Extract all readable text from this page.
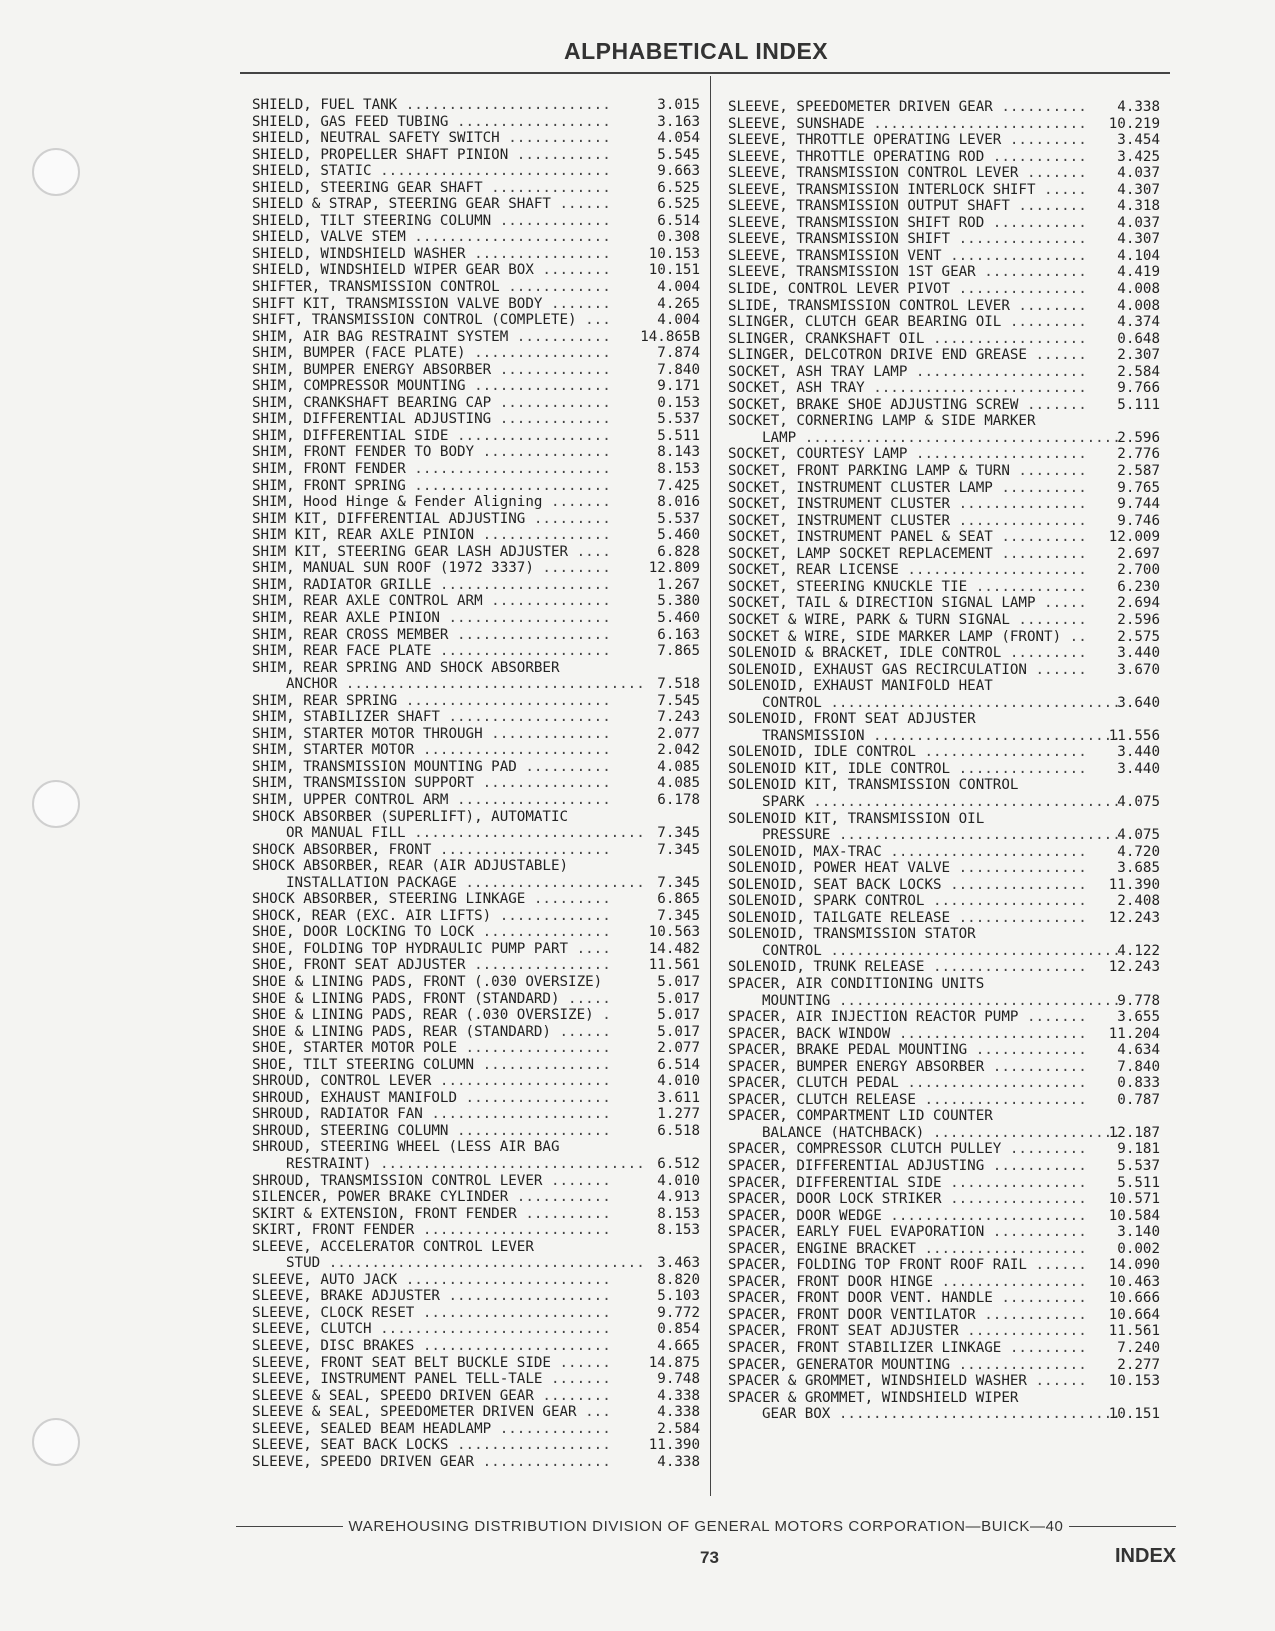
ALPHABETICAL INDEX
SHIELD, FUEL TANK .....	3.015
SHIELD, GAS FEED TUBING .....	3.163
SHIELD, NEUTRAL SAFETY SWITCH .....	4.054
SHIELD, PROPELLER SHAFT PINION .....	5.545
SHIELD, STATIC .....	9.663
SHIELD, STEERING GEAR SHAFT .....	6.525
SHIELD & STRAP, STEERING GEAR SHAFT .....	6.525
SHIELD, TILT STEERING COLUMN .....	6.514
SHIELD, VALVE STEM .....	0.308
SHIELD, WINDSHIELD WASHER .....	10.153
SHIELD, WINDSHIELD WIPER GEAR BOX .....	10.151
SHIFTER, TRANSMISSION CONTROL .....	4.004
SHIFT KIT, TRANSMISSION VALVE BODY .....	4.265
SHIFT, TRANSMISSION CONTROL (COMPLETE) .....	4.004
SHIM, AIR BAG RESTRAINT SYSTEM .....	14.865B
SHIM, BUMPER (FACE PLATE) .....	7.874
SHIM, BUMPER ENERGY ABSORBER .....	7.840
SHIM, COMPRESSOR MOUNTING .....	9.171
SHIM, CRANKSHAFT BEARING CAP .....	0.153
SHIM, DIFFERENTIAL ADJUSTING .....	5.537
SHIM, DIFFERENTIAL SIDE .....	5.511
SHIM, FRONT FENDER TO BODY .....	8.143
SHIM, FRONT FENDER .....	8.153
SHIM, FRONT SPRING .....	7.425
SHIM, Hood Hinge & Fender Aligning .....	8.016
SHIM KIT, DIFFERENTIAL ADJUSTING .....	5.537
SHIM KIT, REAR AXLE PINION .....	5.460
SHIM KIT, STEERING GEAR LASH ADJUSTER .....	6.828
SHIM, MANUAL SUN ROOF (1972 3337) .....	12.809
SHIM, RADIATOR GRILLE .....	1.267
SHIM, REAR AXLE CONTROL ARM .....	5.380
SHIM, REAR AXLE PINION .....	5.460
SHIM, REAR CROSS MEMBER .....	6.163
SHIM, REAR FACE PLATE .....	7.865
SHIM, REAR SPRING AND SHOCK ABSORBER
ANCHOR .....	7.518
SHIM, REAR SPRING .....	7.545
SHIM, STABILIZER SHAFT .....	7.243
SHIM, STARTER MOTOR THROUGH .....	2.077
SHIM, STARTER MOTOR .....	2.042
SHIM, TRANSMISSION MOUNTING PAD .....	4.085
SHIM, TRANSMISSION SUPPORT .....	4.085
SHIM, UPPER CONTROL ARM .....	6.178
SHOCK ABSORBER (SUPERLIFT), AUTOMATIC
OR MANUAL FILL .....	7.345
SHOCK ABSORBER, FRONT .....	7.345
SHOCK ABSORBER, REAR (AIR ADJUSTABLE)
INSTALLATION PACKAGE .....	7.345
SHOCK ABSORBER, STEERING LINKAGE .....	6.865
SHOCK, REAR (EXC. AIR LIFTS) .....	7.345
SHOE, DOOR LOCKING TO LOCK .....	10.563
SHOE, FOLDING TOP HYDRAULIC PUMP PART .....	14.482
SHOE, FRONT SEAT ADJUSTER .....	11.561
SHOE & LINING PADS, FRONT (.030 OVERSIZE) .....	5.017
SHOE & LINING PADS, FRONT (STANDARD) .....	5.017
SHOE & LINING PADS, REAR (.030 OVERSIZE) .....	5.017
SHOE & LINING PADS, REAR (STANDARD) .....	5.017
SHOE, STARTER MOTOR POLE .....	2.077
SHOE, TILT STEERING COLUMN .....	6.514
SHROUD, CONTROL LEVER .....	4.010
SHROUD, EXHAUST MANIFOLD .....	3.611
SHROUD, RADIATOR FAN .....	1.277
SHROUD, STEERING COLUMN .....	6.518
SHROUD, STEERING WHEEL (LESS AIR BAG
RESTRAINT) .....	6.512
SHROUD, TRANSMISSION CONTROL LEVER .....	4.010
SILENCER, POWER BRAKE CYLINDER .....	4.913
SKIRT & EXTENSION, FRONT FENDER .....	8.153
SKIRT, FRONT FENDER .....	8.153
SLEEVE, ACCELERATOR CONTROL LEVER
STUD .....	3.463
SLEEVE, AUTO JACK .....	8.820
SLEEVE, BRAKE ADJUSTER .....	5.103
SLEEVE, CLOCK RESET .....	9.772
SLEEVE, CLUTCH .....	0.854
SLEEVE, DISC BRAKES .....	4.665
SLEEVE, FRONT SEAT BELT BUCKLE SIDE .....	14.875
SLEEVE, INSTRUMENT PANEL TELL-TALE .....	9.748
SLEEVE & SEAL, SPEEDO DRIVEN GEAR .....	4.338
SLEEVE & SEAL, SPEEDOMETER DRIVEN GEAR .....	4.338
SLEEVE, SEALED BEAM HEADLAMP .....	2.584
SLEEVE, SEAT BACK LOCKS .....	11.390
SLEEVE, SPEEDO DRIVEN GEAR .....	4.338
SLEEVE, SPEEDOMETER DRIVEN GEAR .....	4.338
SLEEVE, SUNSHADE .....	10.219
SLEEVE, THROTTLE OPERATING LEVER .....	3.454
SLEEVE, THROTTLE OPERATING ROD .....	3.425
SLEEVE, TRANSMISSION CONTROL LEVER .....	4.037
SLEEVE, TRANSMISSION INTERLOCK SHIFT .....	4.307
SLEEVE, TRANSMISSION OUTPUT SHAFT .....	4.318
SLEEVE, TRANSMISSION SHIFT ROD .....	4.037
SLEEVE, TRANSMISSION SHIFT .....	4.307
SLEEVE, TRANSMISSION VENT .....	4.104
SLEEVE, TRANSMISSION 1ST GEAR .....	4.419
SLIDE, CONTROL LEVER PIVOT .....	4.008
SLIDE, TRANSMISSION CONTROL LEVER .....	4.008
SLINGER, CLUTCH GEAR BEARING OIL .....	4.374
SLINGER, CRANKSHAFT OIL .....	0.648
SLINGER, DELCOTRON DRIVE END GREASE .....	2.307
SOCKET, ASH TRAY LAMP .....	2.584
SOCKET, ASH TRAY .....	9.766
SOCKET, BRAKE SHOE ADJUSTING SCREW .....	5.111
SOCKET, CORNERING LAMP & SIDE MARKER
LAMP .....	2.596
SOCKET, COURTESY LAMP .....	2.776
SOCKET, FRONT PARKING LAMP & TURN .....	2.587
SOCKET, INSTRUMENT CLUSTER LAMP .....	9.765
SOCKET, INSTRUMENT CLUSTER .....	9.744
SOCKET, INSTRUMENT CLUSTER .....	9.746
SOCKET, INSTRUMENT PANEL & SEAT .....	12.009
SOCKET, LAMP SOCKET REPLACEMENT .....	2.697
SOCKET, REAR LICENSE .....	2.700
SOCKET, STEERING KNUCKLE TIE .....	6.230
SOCKET, TAIL & DIRECTION SIGNAL LAMP .....	2.694
SOCKET & WIRE, PARK & TURN SIGNAL .....	2.596
SOCKET & WIRE, SIDE MARKER LAMP (FRONT) .....	2.575
SOLENOID & BRACKET, IDLE CONTROL .....	3.440
SOLENOID, EXHAUST GAS RECIRCULATION .....	3.670
SOLENOID, EXHAUST MANIFOLD HEAT
CONTROL .....	3.640
SOLENOID, FRONT SEAT ADJUSTER
TRANSMISSION .....	11.556
SOLENOID, IDLE CONTROL .....	3.440
SOLENOID KIT, IDLE CONTROL .....	3.440
SOLENOID KIT, TRANSMISSION CONTROL
SPARK .....	4.075
SOLENOID KIT, TRANSMISSION OIL
PRESSURE .....	4.075
SOLENOID, MAX-TRAC .....	4.720
SOLENOID, POWER HEAT VALVE .....	3.685
SOLENOID, SEAT BACK LOCKS .....	11.390
SOLENOID, SPARK CONTROL .....	2.408
SOLENOID, TAILGATE RELEASE .....	12.243
SOLENOID, TRANSMISSION STATOR
CONTROL .....	4.122
SOLENOID, TRUNK RELEASE .....	12.243
SPACER, AIR CONDITIONING UNITS
MOUNTING .....	9.778
SPACER, AIR INJECTION REACTOR PUMP .....	3.655
SPACER, BACK WINDOW .....	11.204
SPACER, BRAKE PEDAL MOUNTING .....	4.634
SPACER, BUMPER ENERGY ABSORBER .....	7.840
SPACER, CLUTCH PEDAL .....	0.833
SPACER, CLUTCH RELEASE .....	0.787
SPACER, COMPARTMENT LID COUNTER
BALANCE (HATCHBACK) .....	12.187
SPACER, COMPRESSOR CLUTCH PULLEY .....	9.181
SPACER, DIFFERENTIAL ADJUSTING .....	5.537
SPACER, DIFFERENTIAL SIDE .....	5.511
SPACER, DOOR LOCK STRIKER .....	10.571
SPACER, DOOR WEDGE .....	10.584
SPACER, EARLY FUEL EVAPORATION .....	3.140
SPACER, ENGINE BRACKET .....	0.002
SPACER, FOLDING TOP FRONT ROOF RAIL .....	14.090
SPACER, FRONT DOOR HINGE .....	10.463
SPACER, FRONT DOOR VENT. HANDLE .....	10.666
SPACER, FRONT DOOR VENTILATOR .....	10.664
SPACER, FRONT SEAT ADJUSTER .....	11.561
SPACER, FRONT STABILIZER LINKAGE .....	7.240
SPACER, GENERATOR MOUNTING .....	2.277
SPACER & GROMMET, WINDSHIELD WASHER .....	10.153
SPACER & GROMMET, WINDSHIELD WIPER
GEAR BOX .....	10.151
WAREHOUSING DISTRIBUTION DIVISION OF GENERAL MOTORS CORPORATION—BUICK—40
73	INDEX
